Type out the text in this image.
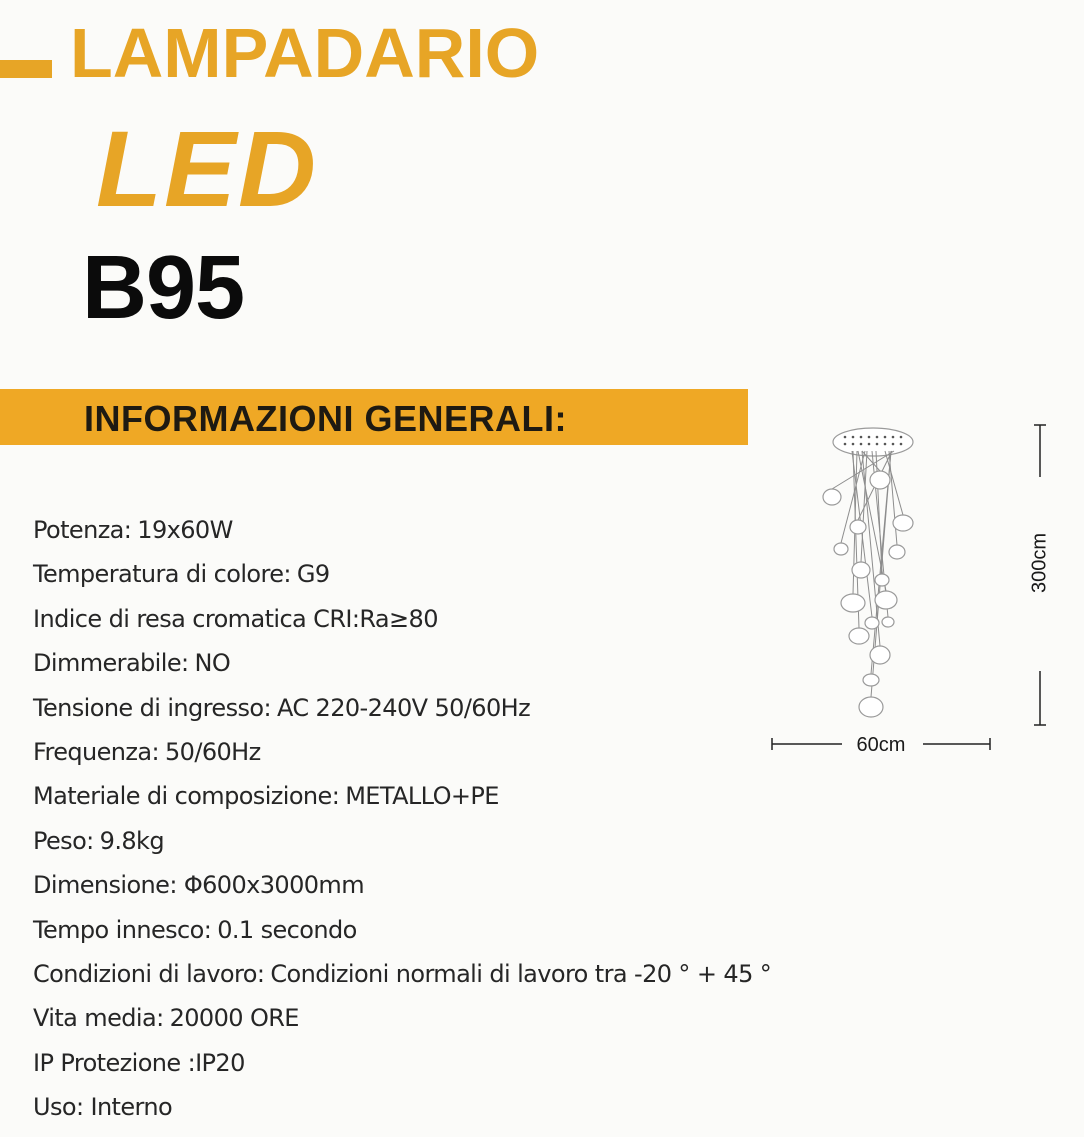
LAMPADARIO
LED
B95
INFORMAZIONI GENERALI:
Potenza: 19x60W
Temperatura di colore: G9
Indice di resa cromatica CRI:Ra≥80
Dimmerabile: NO
Tensione di ingresso: AC 220-240V 50/60Hz
Frequenza: 50/60Hz
Materiale di composizione: METALLO+PE
Peso: 9.8kg
Dimensione: Φ600x3000mm
Tempo innesco: 0.1 secondo
Condizioni di lavoro: Condizioni normali di lavoro tra -20 ° + 45 °
Vita media: 20000 ORE
IP Protezione :IP20
Uso: Interno
300cm
60cm
